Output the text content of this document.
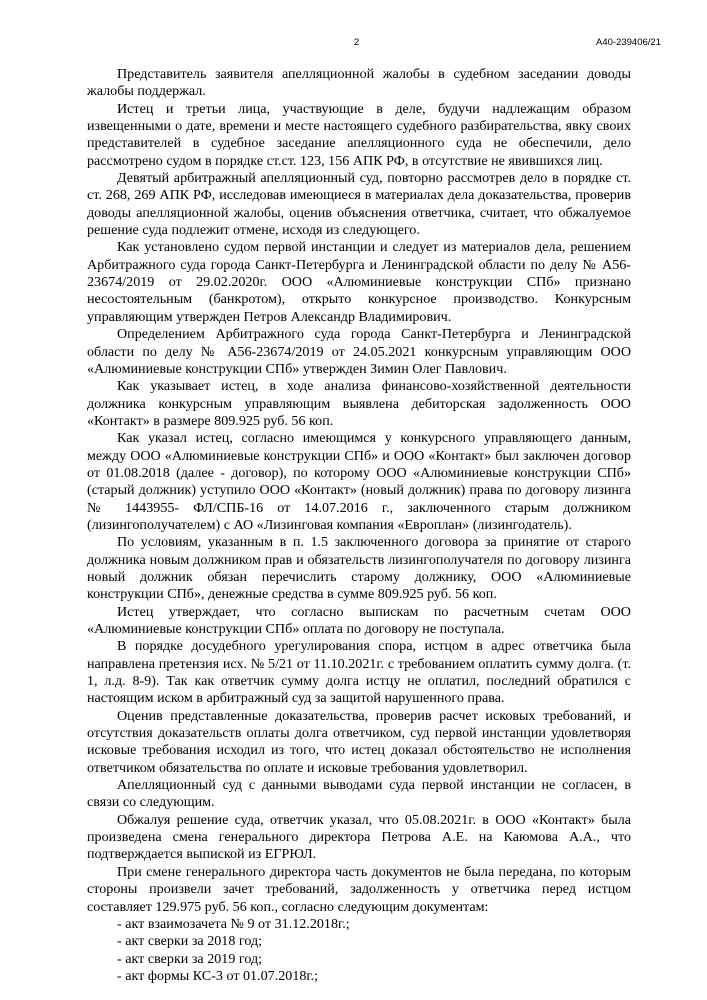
2	А40-239406/21

Представитель заявителя апелляционной жалобы в судебном заседании доводы жалобы поддержал.

Истец и третьи лица, участвующие в деле, будучи надлежащим образом извещенными о дате, времени и месте настоящего судебного разбирательства, явку своих представителей в судебное заседание апелляционного суда не обеспечили, дело рассмотрено судом в порядке ст.ст. 123, 156 АПК РФ, в отсутствие не явившихся лиц.

Девятый арбитражный апелляционный суд, повторно рассмотрев дело в порядке ст. ст. 268, 269 АПК РФ, исследовав имеющиеся в материалах дела доказательства, проверив доводы апелляционной жалобы, оценив объяснения ответчика, считает, что обжалуемое решение суда подлежит отмене, исходя из следующего.

Как установлено судом первой инстанции и следует из материалов дела, решением Арбитражного суда города Санкт-Петербурга и Ленинградской области по делу № А56-23674/2019 от 29.02.2020г. ООО «Алюминиевые конструкции СПб» признано несостоятельным (банкротом), открыто конкурсное производство. Конкурсным управляющим утвержден Петров Александр Владимирович.

Определением Арбитражного суда города Санкт-Петербурга и Ленинградской области по делу № А56-23674/2019 от 24.05.2021 конкурсным управляющим ООО «Алюминиевые конструкции СПб» утвержден Зимин Олег Павлович.

Как указывает истец, в ходе анализа финансово-хозяйственной деятельности должника конкурсным управляющим выявлена дебиторская задолженность ООО «Контакт» в размере 809.925 руб. 56 коп.

Как указал истец, согласно имеющимся у конкурсного управляющего данным, между ООО «Алюминиевые конструкции СПб» и ООО «Контакт» был заключен договор от 01.08.2018 (далее - договор), по которому ООО «Алюминиевые конструкции СПб» (старый должник) уступило ООО «Контакт» (новый должник) права по договору лизинга № 1443955- ФЛ/СПБ-16 от 14.07.2016 г., заключенного старым должником (лизингополучателем) с АО «Лизинговая компания «Европлан» (лизингодатель).

По условиям, указанным в п. 1.5 заключенного договора за принятие от старого должника новым должником прав и обязательств лизингополучателя по договору лизинга новый должник обязан перечислить старому должнику, ООО «Алюминиевые конструкции СПб», денежные средства в сумме 809.925 руб. 56 коп.

Истец утверждает, что согласно выпискам по расчетным счетам ООО «Алюминиевые конструкции СПб» оплата по договору не поступала.

В порядке досудебного урегулирования спора, истцом в адрес ответчика была направлена претензия исх. № 5/21 от 11.10.2021г. с требованием оплатить сумму долга. (т. 1, л.д. 8-9). Так как ответчик сумму долга истцу не оплатил, последний обратился с настоящим иском в арбитражный суд за защитой нарушенного права.

Оценив представленные доказательства, проверив расчет исковых требований, и отсутствия доказательств оплаты долга ответчиком, суд первой инстанции удовлетворяя исковые требования исходил из того, что истец доказал обстоятельство не исполнения ответчиком обязательства по оплате и исковые требования удовлетворил.

Апелляционный суд с данными выводами суда первой инстанции не согласен, в связи со следующим.

Обжалуя решение суда, ответчик указал, что 05.08.2021г. в ООО «Контакт» была произведена смена генерального директора Петрова А.Е. на Каюмова А.А., что подтверждается выпиской из ЕГРЮЛ.

При смене генерального директора часть документов не была передана, по которым стороны произвели зачет требований, задолженность у ответчика перед истцом составляет 129.975 руб. 56 коп., согласно следующим документам:

- акт взаимозачета № 9 от 31.12.2018г.;
- акт сверки за 2018 год;
- акт сверки за 2019 год;
- акт формы КС-3 от 01.07.2018г.;
